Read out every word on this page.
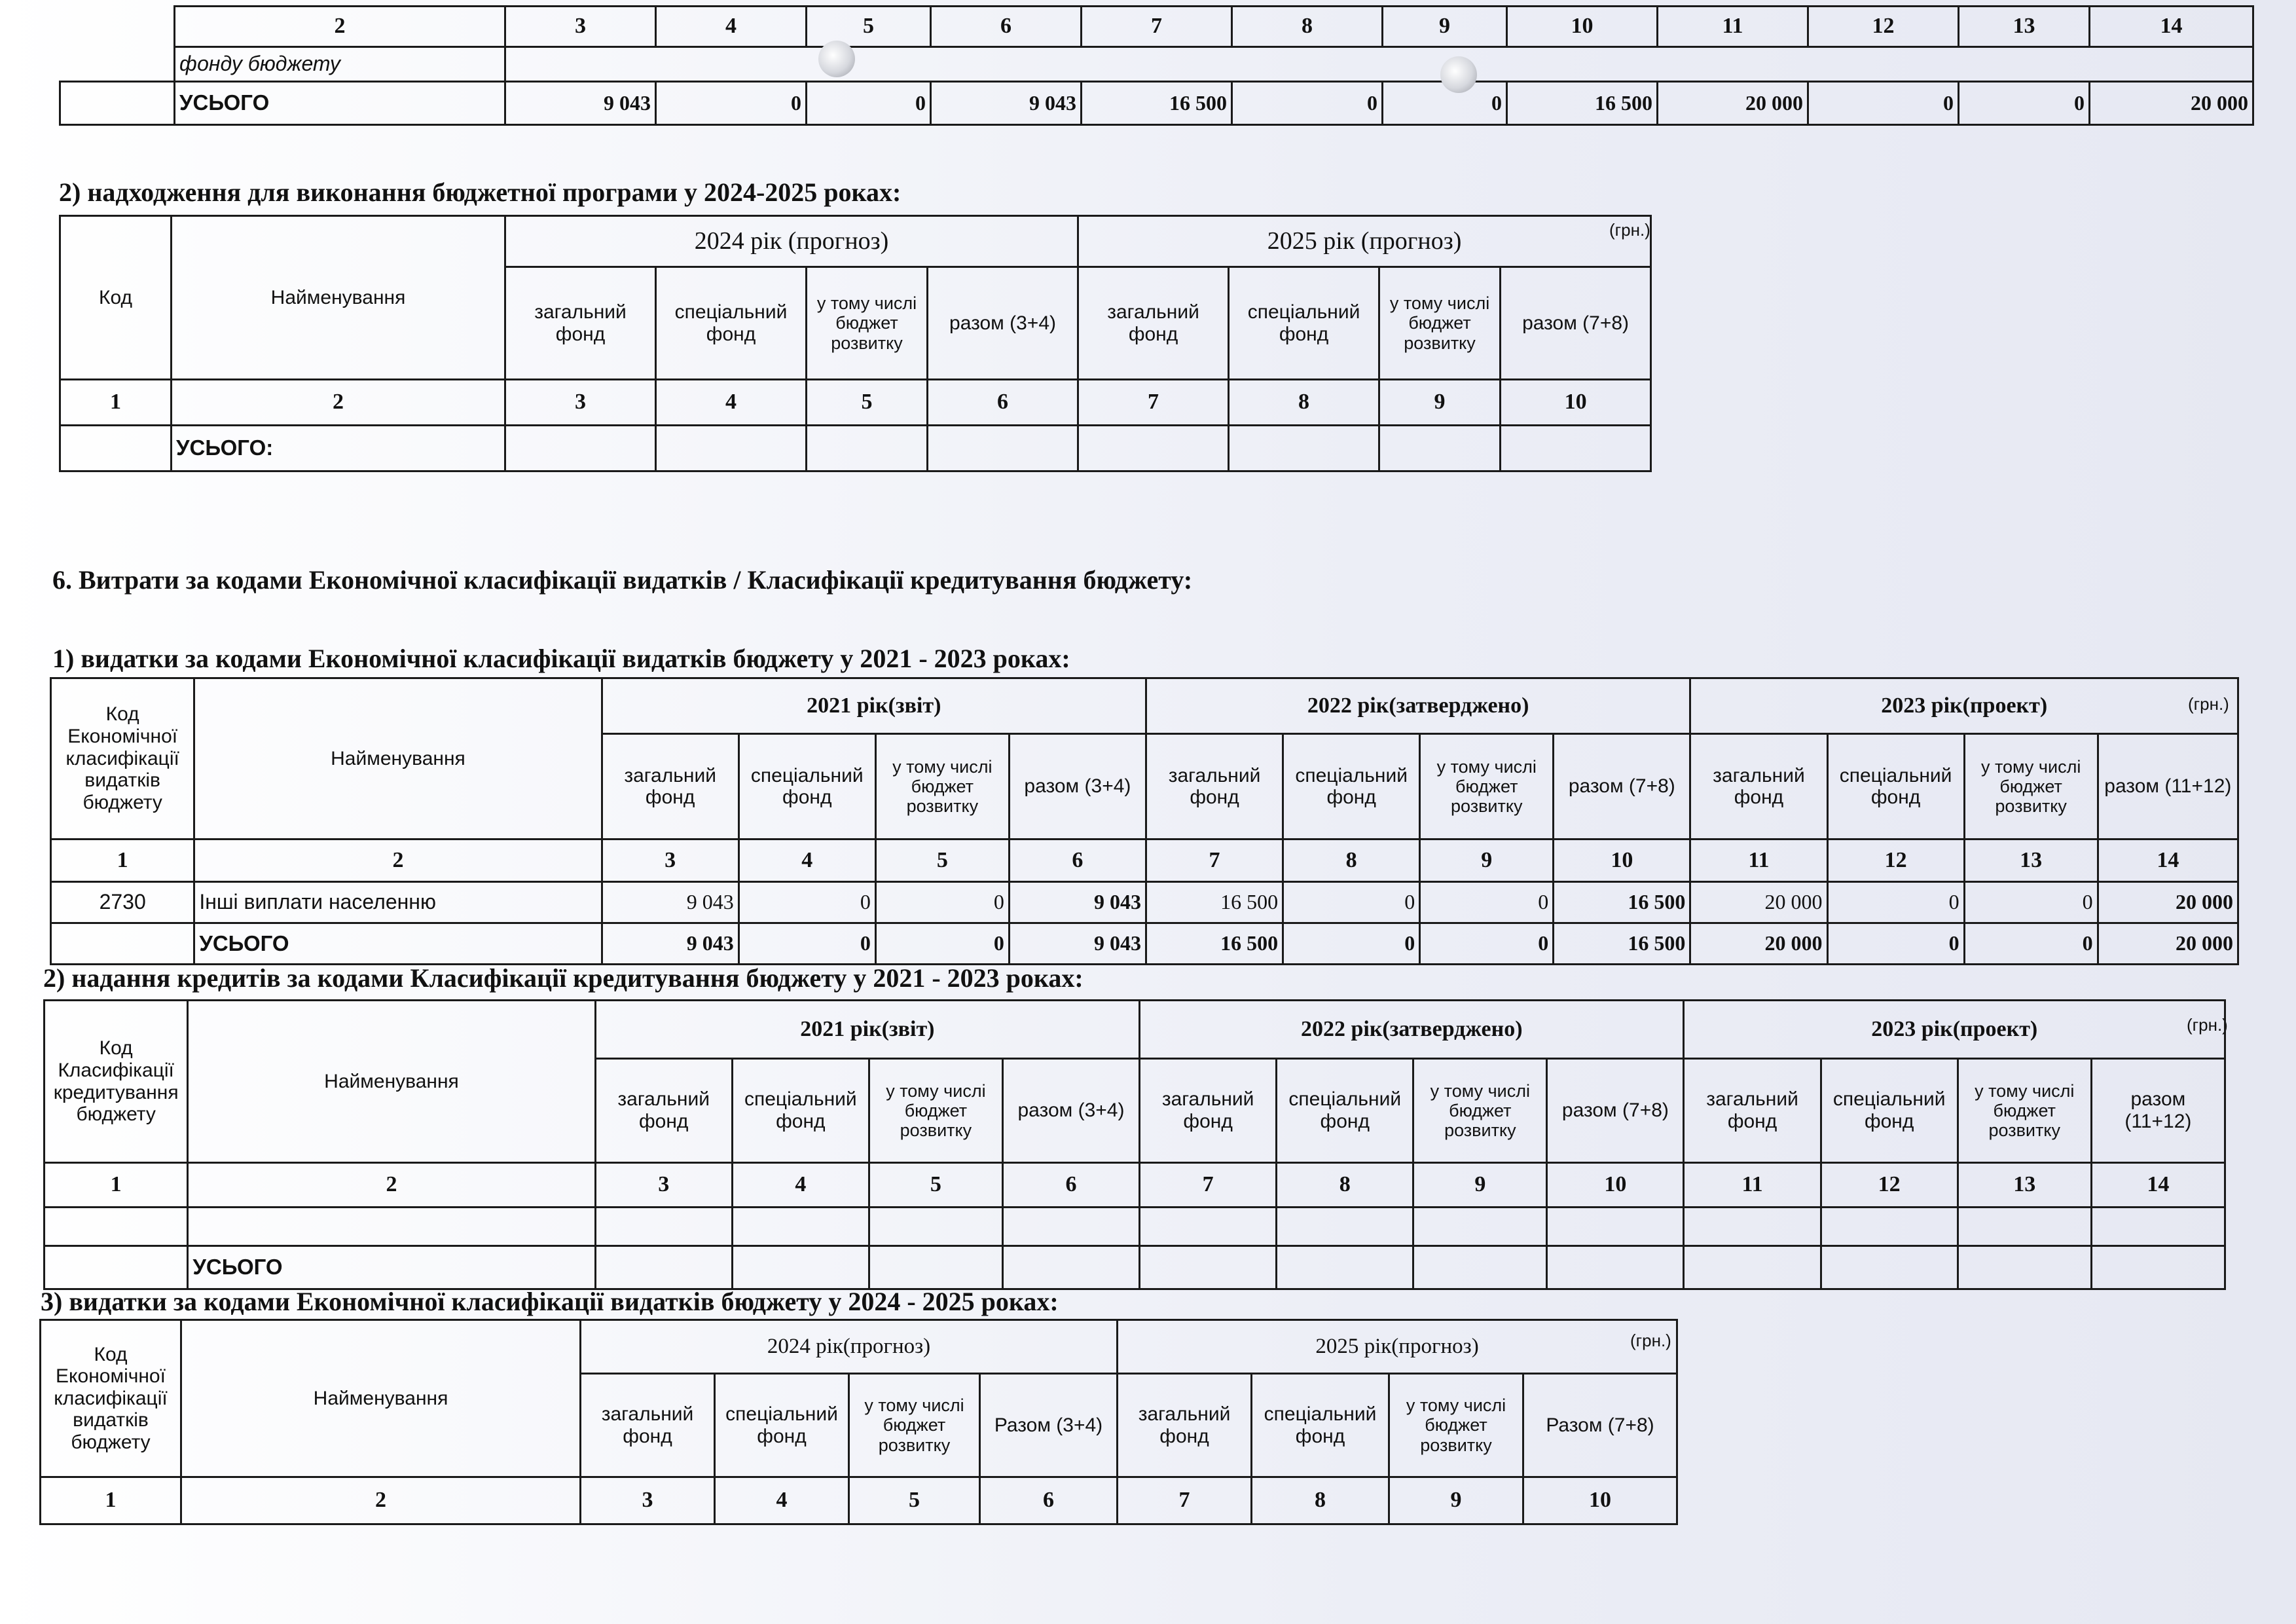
	2	3	4	5	6	7	8	9	10	11	12	13	14
	фонду бюджету												
	УСЬОГО	9 043	0	0	9 043	16 500	0	0	16 500	20 000	0	0	20 000
2) надходження для виконання бюджетної програми у 2024-2025 роках:
(грн.)
Код	Найменування	2024 рік (прогноз)				2025 рік (прогноз)			
		загальний фонд	спеціальний фонд	у тому числі бюджет розвитку	разом (3+4)	загальний фонд	спеціальний фонд	у тому числі бюджет розвитку	разом (7+8)
1	2	3	4	5	6	7	8	9	10
	УСЬОГО:								
6. Витрати за кодами Економічної класифікації видатків / Класифікації кредитування бюджету:
1) видатки за кодами Економічної класифікації видатків бюджету у 2021 - 2023 роках:
(грн.)
Код Економічної класифікації видатків бюджету	Найменування	2021 рік(звіт)				2022 рік(затверджено)				2023 рік(проект)			
		загальний фонд	спеціальний фонд	у тому числі бюджет розвитку	разом (3+4)	загальний фонд	спеціальний фонд	у тому числі бюджет розвитку	разом (7+8)	загальний фонд	спеціальний фонд	у тому числі бюджет розвитку	разом (11+12)
1	2	3	4	5	6	7	8	9	10	11	12	13	14
2730	Інші виплати населенню	9 043	0	0	9 043	16 500	0	0	16 500	20 000	0	0	20 000
	УСЬОГО	9 043	0	0	9 043	16 500	0	0	16 500	20 000	0	0	20 000
2) надання кредитів за кодами Класифікації кредитування бюджету у 2021 - 2023 роках:
(грн.)
Код Класифікації кредитування бюджету	Найменування	2021 рік(звіт)				2022 рік(затверджено)				2023 рік(проект)			
		загальний фонд	спеціальний фонд	у тому числі бюджет розвитку	разом (3+4)	загальний фонд	спеціальний фонд	у тому числі бюджет розвитку	разом (7+8)	загальний фонд	спеціальний фонд	у тому числі бюджет розвитку	разом (11+12)
1	2	3	4	5	6	7	8	9	10	11	12	13	14

	УСЬОГО												
3) видатки за кодами Економічної класифікації видатків бюджету у 2024 - 2025 роках:
(грн.)
Код Економічної класифікації видатків бюджету	Найменування	2024 рік(прогноз)				2025 рік(прогноз)			
		загальний фонд	спеціальний фонд	у тому числі бюджет розвитку	Разом (3+4)	загальний фонд	спеціальний фонд	у тому числі бюджет розвитку	Разом (7+8)
1	2	3	4	5	6	7	8	9	10
